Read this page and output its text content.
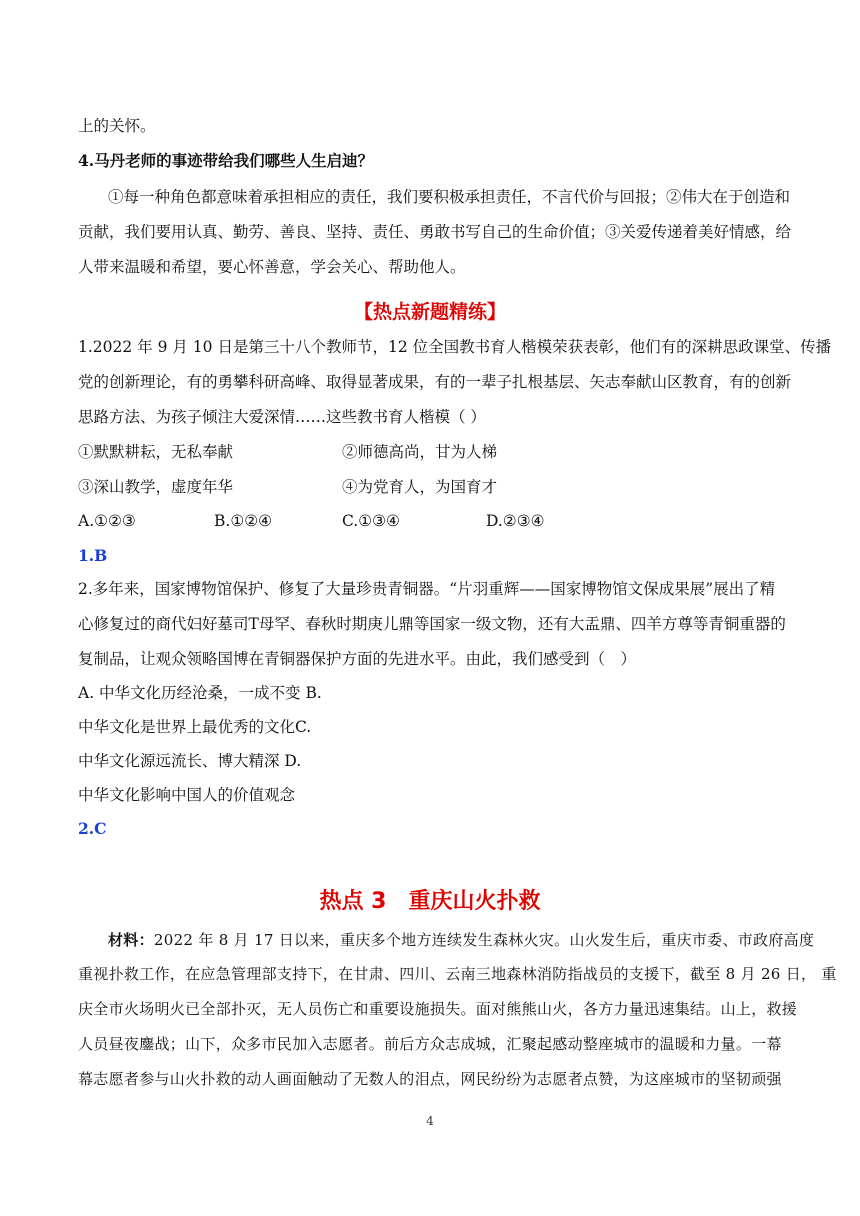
上的关怀。
4.马丹老师的事迹带给我们哪些人生启迪？
①每一种角色都意味着承担相应的责任，我们要积极承担责任，不言代价与回报；②伟大在于创造和
贡献，我们要用认真、勤劳、善良、坚持、责任、勇敢书写自己的生命价值；③关爱传递着美好情感，给
人带来温暖和希望，要心怀善意，学会关心、帮助他人。
【热点新题精练】
1.2022 年 9 月 10 日是第三十八个教师节，12 位全国教书育人楷模荣获表彰，他们有的深耕思政课堂、传播
党的创新理论，有的勇攀科研高峰、取得显著成果，有的一辈子扎根基层、矢志奉献山区教育，有的创新
思路方法、为孩子倾注大爱深情……这些教书育人楷模（ ）
①默默耕耘，无私奉献	②师德高尚，甘为人梯
③深山教学，虚度年华	④为党育人，为国育才
A.①②③	B.①②④	C.①③④	D.②③④
1.B
2.多年来，国家博物馆保护、修复了大量珍贵青铜器。“片羽重辉——国家博物馆文保成果展”展出了精
心修复过的商代妇好墓司T母罕、春秋时期庚儿鼎等国家一级文物，还有大盂鼎、四羊方尊等青铜重器的
复制品，让观众领略国博在青铜器保护方面的先进水平。由此，我们感受到（　）
A. 中华文化历经沧桑，一成不变 B.
中华文化是世界上最优秀的文化C.
中华文化源远流长、博大精深 D.
中华文化影响中国人的价值观念
2.C
热点 3　重庆山火扑救
材料：2022 年 8 月 17 日以来，重庆多个地方连续发生森林火灾。山火发生后，重庆市委、市政府高度
重视扑救工作，在应急管理部支持下，在甘肃、四川、云南三地森林消防指战员的支援下，截至 8 月 26 日， 重
庆全市火场明火已全部扑灭，无人员伤亡和重要设施损失。面对熊熊山火，各方力量迅速集结。山上，救援
人员昼夜鏖战；山下，众多市民加入志愿者。前后方众志成城，汇聚起感动整座城市的温暖和力量。一幕
幕志愿者参与山火扑救的动人画面触动了无数人的泪点，网民纷纷为志愿者点赞，为这座城市的坚韧顽强
4
